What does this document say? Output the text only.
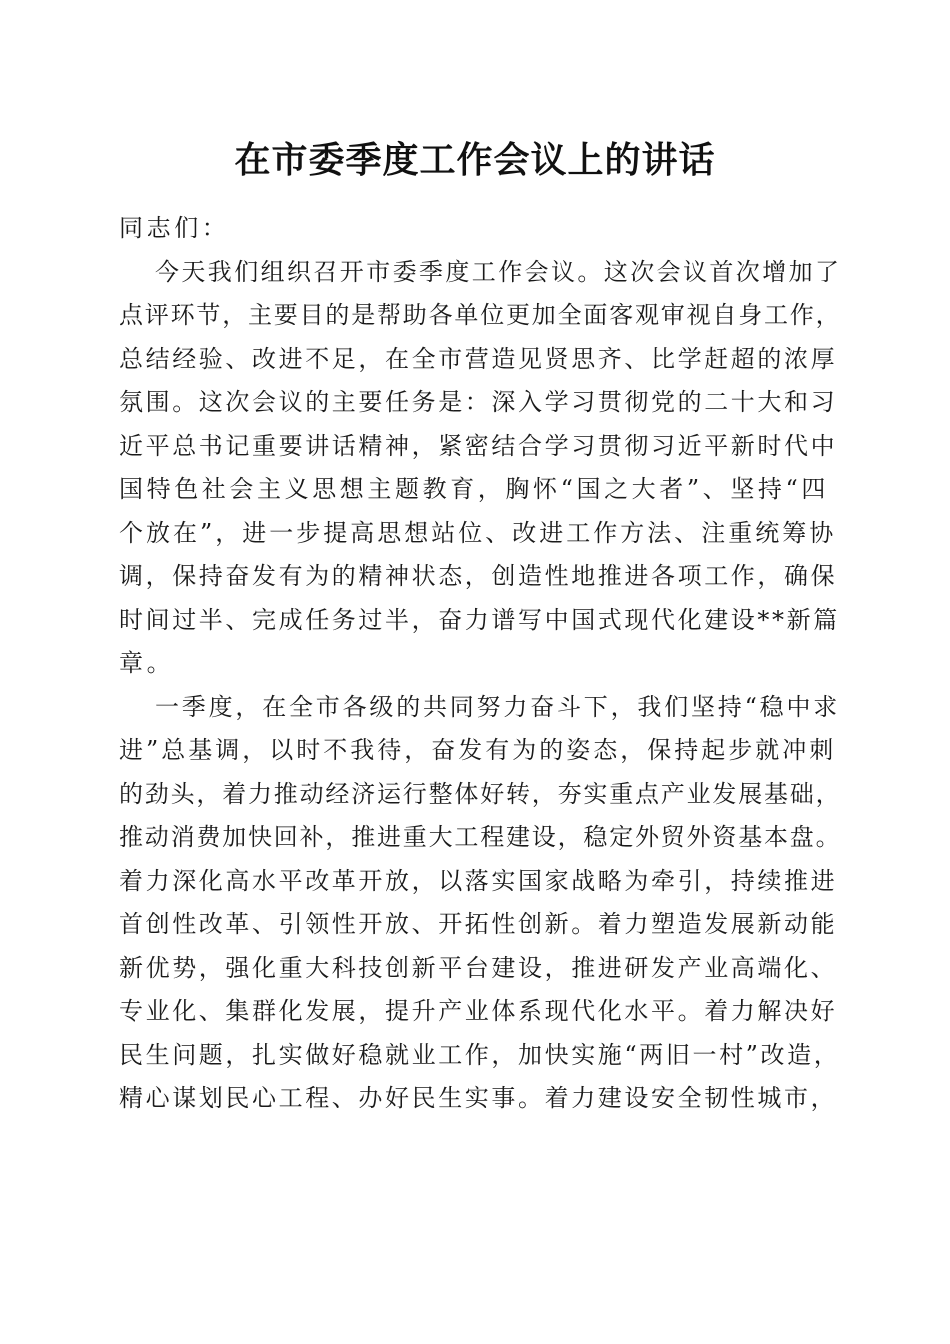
在市委季度工作会议上的讲话
同志们：
今天我们组织召开市委季度工作会议。这次会议首次增加了
点评环节，主要目的是帮助各单位更加全面客观审视自身工作，
总结经验、改进不足，在全市营造见贤思齐、比学赶超的浓厚
氛围。这次会议的主要任务是：深入学习贯彻党的二十大和习
近平总书记重要讲话精神，紧密结合学习贯彻习近平新时代中
国特色社会主义思想主题教育，胸怀“国之大者”、坚持“四
个放在”，进一步提高思想站位、改进工作方法、注重统筹协
调，保持奋发有为的精神状态，创造性地推进各项工作，确保
时间过半、完成任务过半，奋力谱写中国式现代化建设**新篇
章。
一季度，在全市各级的共同努力奋斗下，我们坚持“稳中求
进”总基调，以时不我待，奋发有为的姿态，保持起步就冲刺
的劲头，着力推动经济运行整体好转，夯实重点产业发展基础，
推动消费加快回补，推进重大工程建设，稳定外贸外资基本盘。
着力深化高水平改革开放，以落实国家战略为牵引，持续推进
首创性改革、引领性开放、开拓性创新。着力塑造发展新动能
新优势，强化重大科技创新平台建设，推进研发产业高端化、
专业化、集群化发展，提升产业体系现代化水平。着力解决好
民生问题，扎实做好稳就业工作，加快实施“两旧一村”改造，
精心谋划民心工程、办好民生实事。着力建设安全韧性城市，
